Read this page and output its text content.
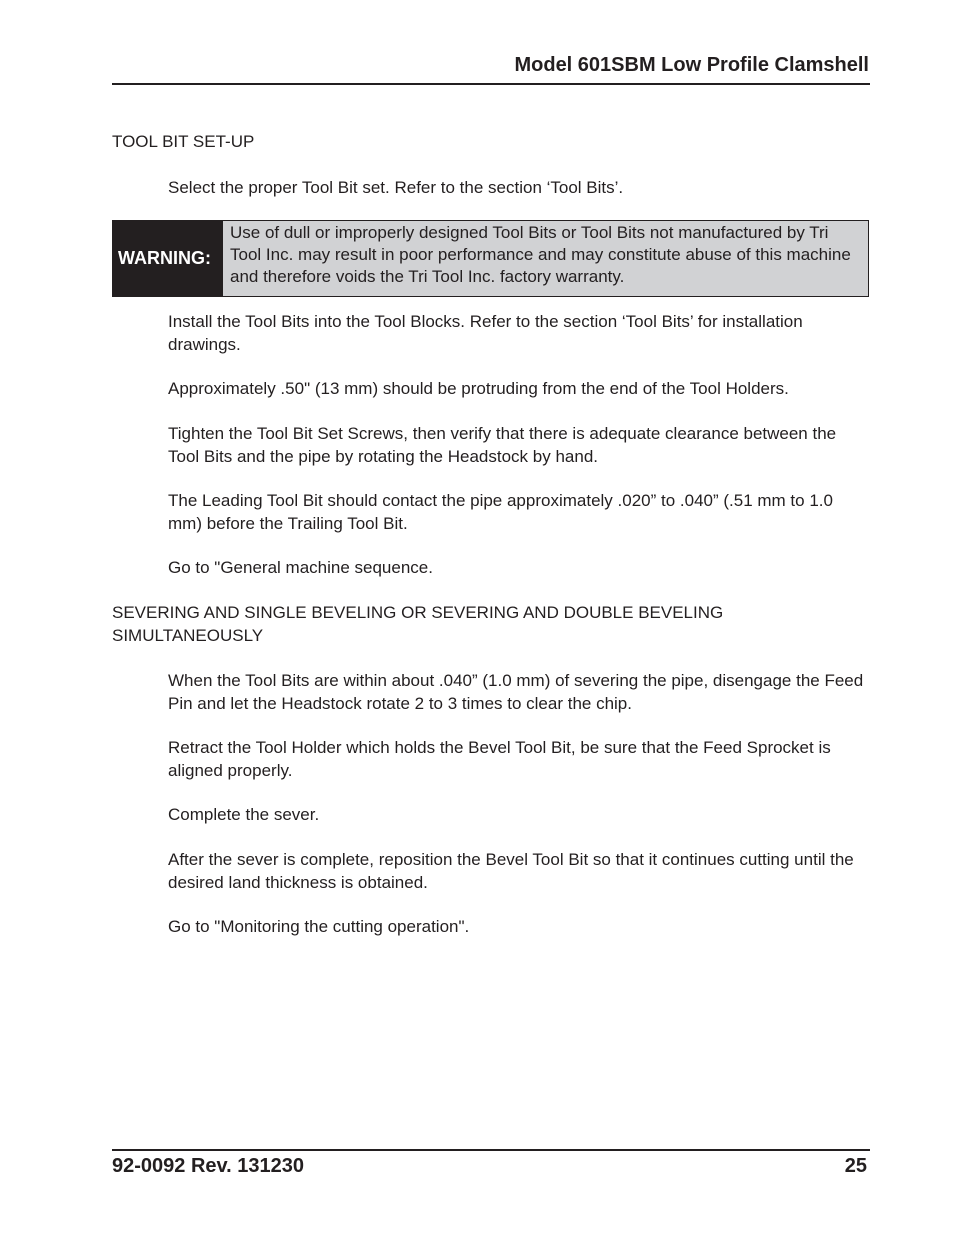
Model 601SBM Low Profile Clamshell
TOOL BIT SET-UP
Select the proper Tool Bit set. Refer to the section ‘Tool Bits’.
WARNING:
Use of dull or improperly designed Tool Bits or Tool Bits not manufactured by Tri Tool Inc. may result in poor performance and may constitute abuse of this machine and therefore voids the Tri Tool Inc. factory warranty.
Install the Tool Bits into the Tool Blocks. Refer to the section ‘Tool Bits’ for installation drawings.
Approximately .50" (13 mm) should be protruding from the end of the Tool Holders.
Tighten the Tool Bit Set Screws, then verify that there is adequate clearance between the Tool Bits and the pipe by rotating the Headstock by hand.
The Leading Tool Bit should contact the pipe approximately .020” to .040” (.51 mm to 1.0 mm) before the Trailing Tool Bit.
Go to "General machine sequence.
SEVERING AND SINGLE BEVELING OR SEVERING AND DOUBLE BEVELING SIMULTANEOUSLY
When the Tool Bits are within about .040” (1.0 mm) of severing the pipe, disengage the Feed Pin and let the Headstock rotate 2 to 3 times to clear the chip.
Retract the Tool Holder which holds the Bevel Tool Bit, be sure that the Feed Sprocket is aligned properly.
Complete the sever.
After the sever is complete, reposition the Bevel Tool Bit so that it continues cutting until the desired land thickness is obtained.
Go to "Monitoring the cutting operation".
92-0092 Rev. 131230	25
